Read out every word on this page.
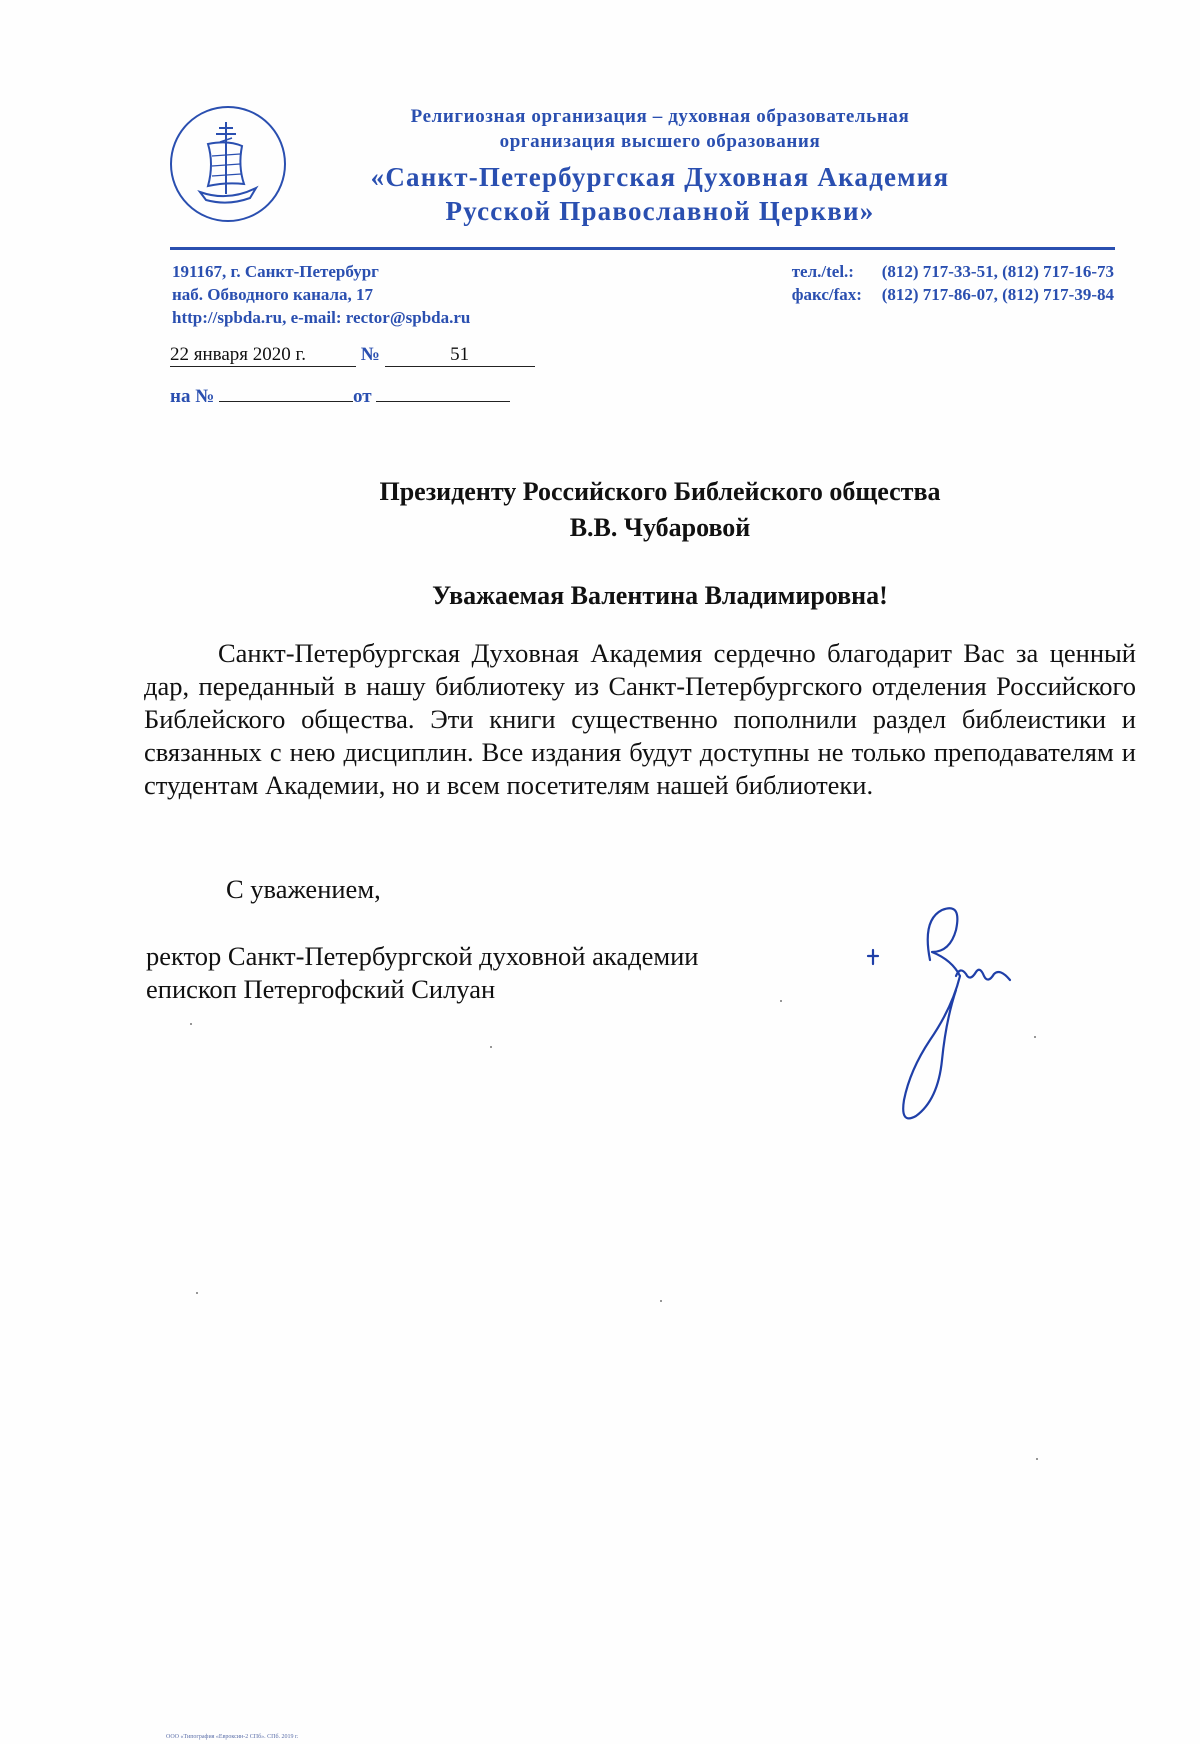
Религиозная организация – духовная образовательная
организация высшего образования
«Санкт-Петербургская Духовная Академия
Русской Православной Церкви»
191167, г. Санкт-Петербург
наб. Обводного канала, 17
http://spbda.ru, e-mail: rector@spbda.ru
тел./tel.: (812) 717-33-51, (812) 717-16-73
факс/fax: (812) 717-86-07, (812) 717-39-84
22 января 2020 г.	№	51
на №	от
Президенту Российского Библейского общества
В.В. Чубаровой
Уважаемая Валентина Владимировна!
Санкт-Петербургская Духовная Академия сердечно благодарит Вас за ценный дар, переданный в нашу библиотеку из Санкт-Петербургского отделения Российского Библейского общества. Эти книги существенно пополнили раздел библеистики и связанных с нею дисциплин. Все издания будут доступны не только преподавателям и студентам Академии, но и всем посетителям нашей библиотеки.
С уважением,
ректор Санкт-Петербургской духовной академии
епископ Петергофский Силуан
ООО «Типография «Евроксин-2 СПб». СПб. 2019 г.
